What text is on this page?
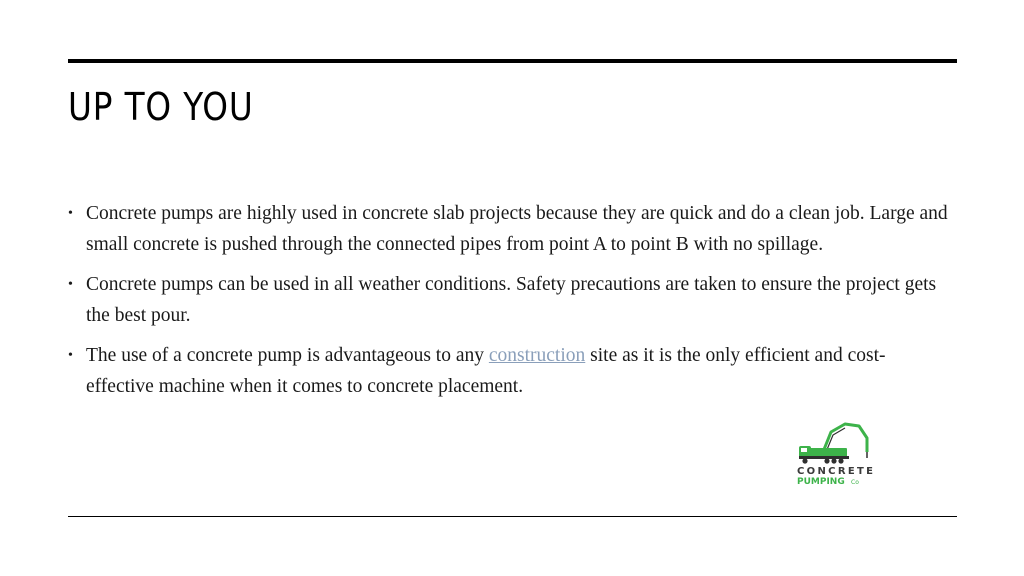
UP TO YOU
• Concrete pumps are highly used in concrete slab projects because they are quick and do a clean job. Large and small concrete is pushed through the connected pipes from point A to point B with no spillage.
• Concrete pumps can be used in all weather conditions. Safety precautions are taken to ensure the project gets the best pour.
• The use of a concrete pump is advantageous to any construction site as it is the only efficient and cost-effective machine when it comes to concrete placement.
CONCRETE
PUMPING Co
